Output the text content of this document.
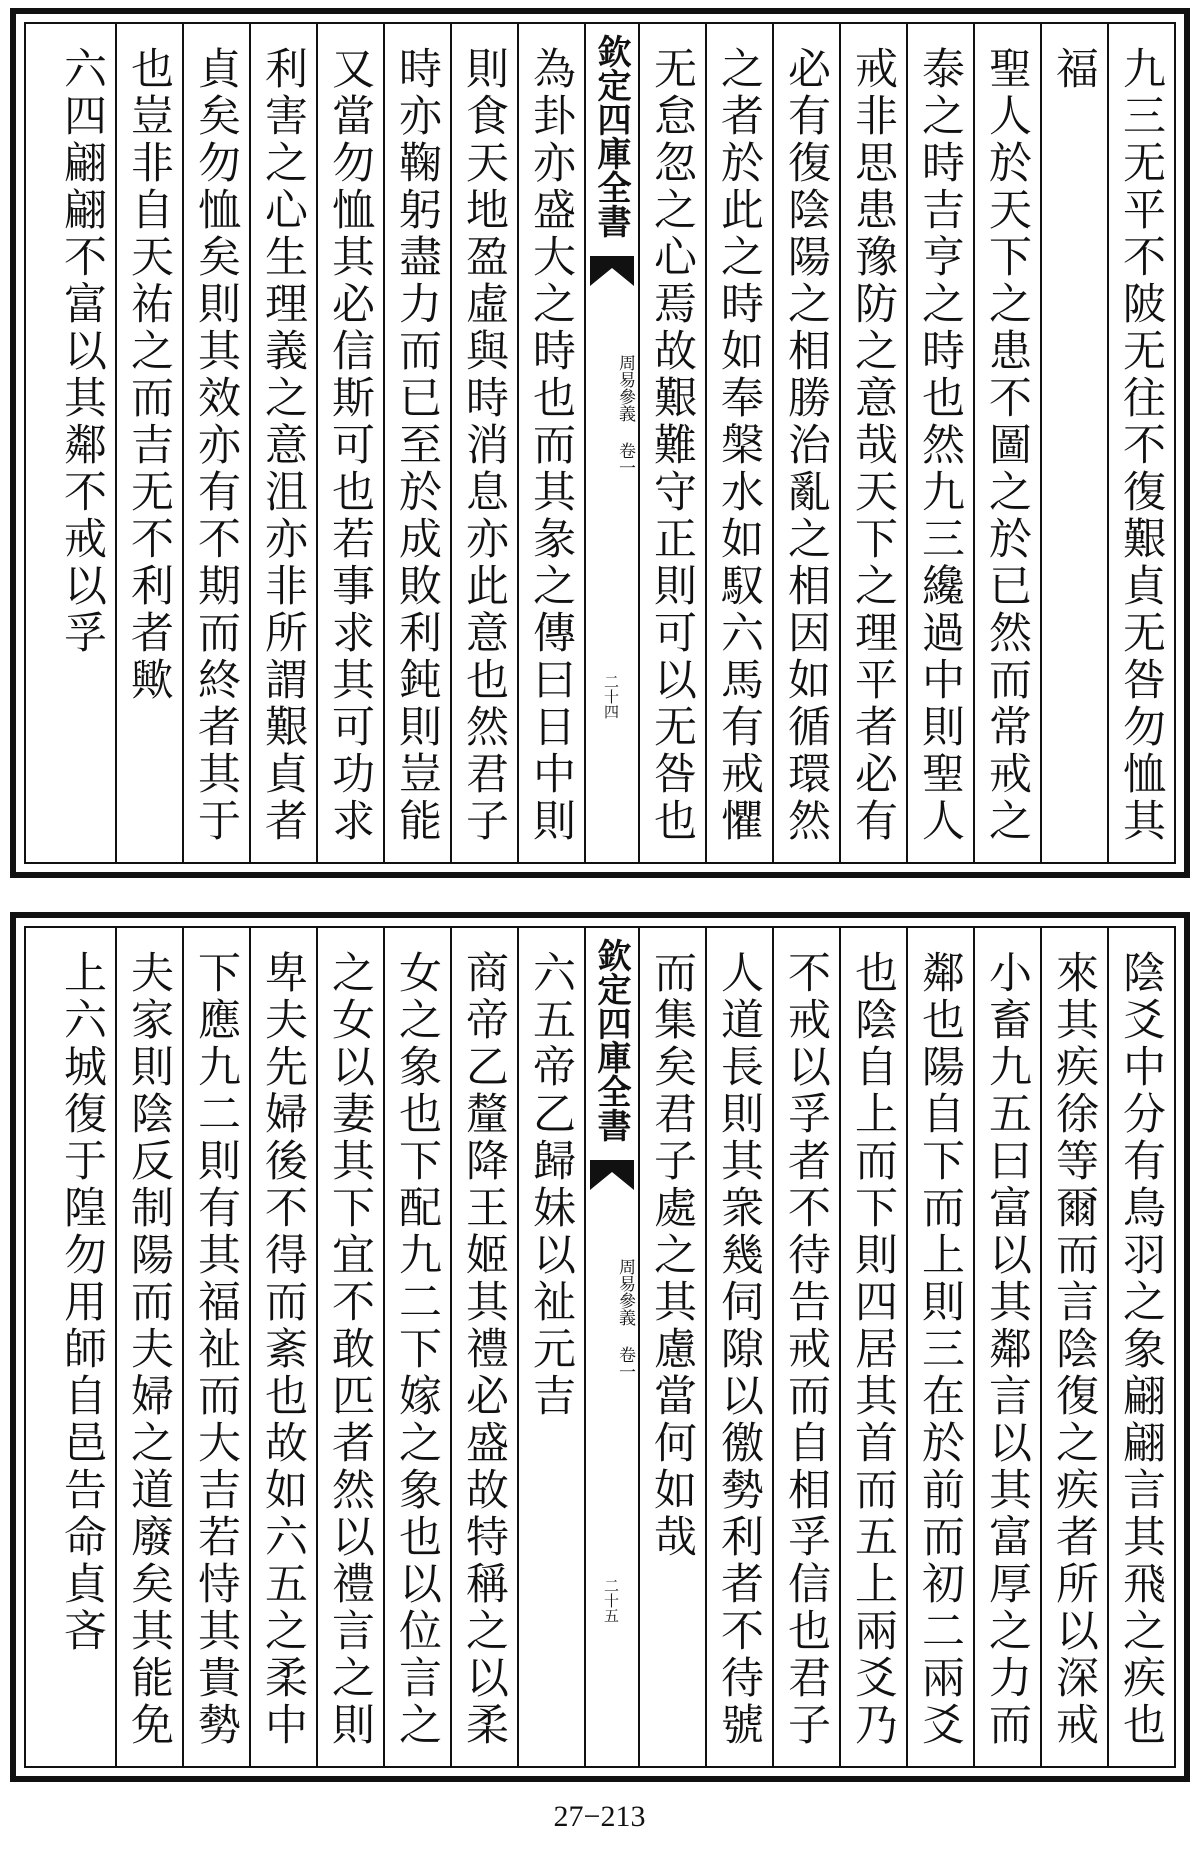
九三无平不陂无往不復艱貞无咎勿恤其
福
聖人於天下之患不圖之於已然而常戒之
泰之時吉亨之時也然九三纔過中則聖人
戒非思患豫防之意哉天下之理平者必有
必有復陰陽之相勝治亂之相因如循環然
之者於此之時如奉槃水如馭六馬有戒懼
无怠忽之心焉故艱難守正則可以无咎也
欽定四庫全書
周易參義 卷一
二十四
為卦亦盛大之時也而其彖之傳曰日中則
則食天地盈虛與時消息亦此意也然君子
時亦鞠躬盡力而已至於成敗利鈍則豈能
又當勿恤其必信斯可也若事求其可功求
利害之心生理義之意沮亦非所謂艱貞者
貞矣勿恤矣則其效亦有不期而終者其于
也豈非自天祐之而吉无不利者歟
六四翩翩不富以其鄰不戒以孚
陰爻中分有鳥羽之象翩翩言其飛之疾也
來其疾徐等爾而言陰復之疾者所以深戒
小畜九五曰富以其鄰言以其富厚之力而
鄰也陽自下而上則三在於前而初二兩爻
也陰自上而下則四居其首而五上兩爻乃
不戒以孚者不待告戒而自相孚信也君子
人道長則其衆幾伺隙以徼勢利者不待號
而集矣君子處之其慮當何如哉
欽定四庫全書
周易參義 卷一
二十五
六五帝乙歸妹以祉元吉
商帝乙釐降王姬其禮必盛故特稱之以柔
女之象也下配九二下嫁之象也以位言之
之女以妻其下宜不敢匹者然以禮言之則
卑夫先婦後不得而紊也故如六五之柔中
下應九二則有其福祉而大吉若恃其貴勢
夫家則陰反制陽而夫婦之道廢矣其能免
上六城復于隍勿用師自邑告命貞吝
27−213
